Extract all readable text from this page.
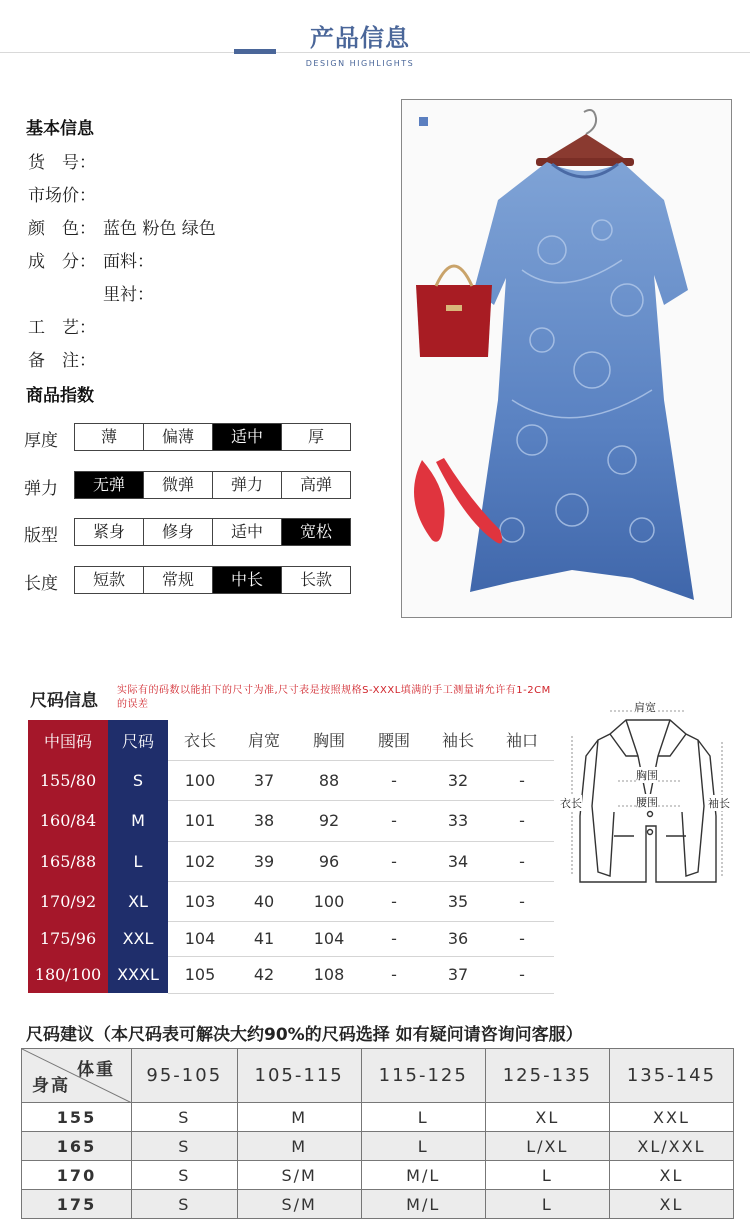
产品信息
DESIGN HIGHLIGHTS
基本信息
货　号：
市场价：
颜　色： 蓝色 粉色 绿色
成　分： 面料：
里衬：
工　艺：
备　注：
商品指数
厚度	薄	偏薄	适中	厚
弹力	无弹	微弹	弹力	高弹
版型	紧身	修身	适中	宽松
长度	短款	常规	中长	长款
尺码信息
实际有的码数以能拍下的尺寸为准,尺寸表是按照规格S-XXXL填满的手工测量请允许有1-2CM的误差
中国码	尺码	衣长	肩宽	胸围	腰围	袖长	袖口
155/80	S	100	37	88	-	32	-
160/84	M	101	38	92	-	33	-
165/88	L	102	39	96	-	34	-
170/92	XL	103	40	100	-	35	-
175/96	XXL	104	41	104	-	36	-
180/100	XXXL	105	42	108	-	37	-
肩宽
胸围
腰围
衣长	袖长
尺码建议（本尺码表可解决大约90%的尺码选择 如有疑问请咨询问客服）
体重
身高	95-105	105-115	115-125	125-135	135-145
155	S	M	L	XL	XXL
165	S	M	L	L/XL	XL/XXL
170	S	S/M	M/L	L	XL
175	S	S/M	M/L	L	XL
